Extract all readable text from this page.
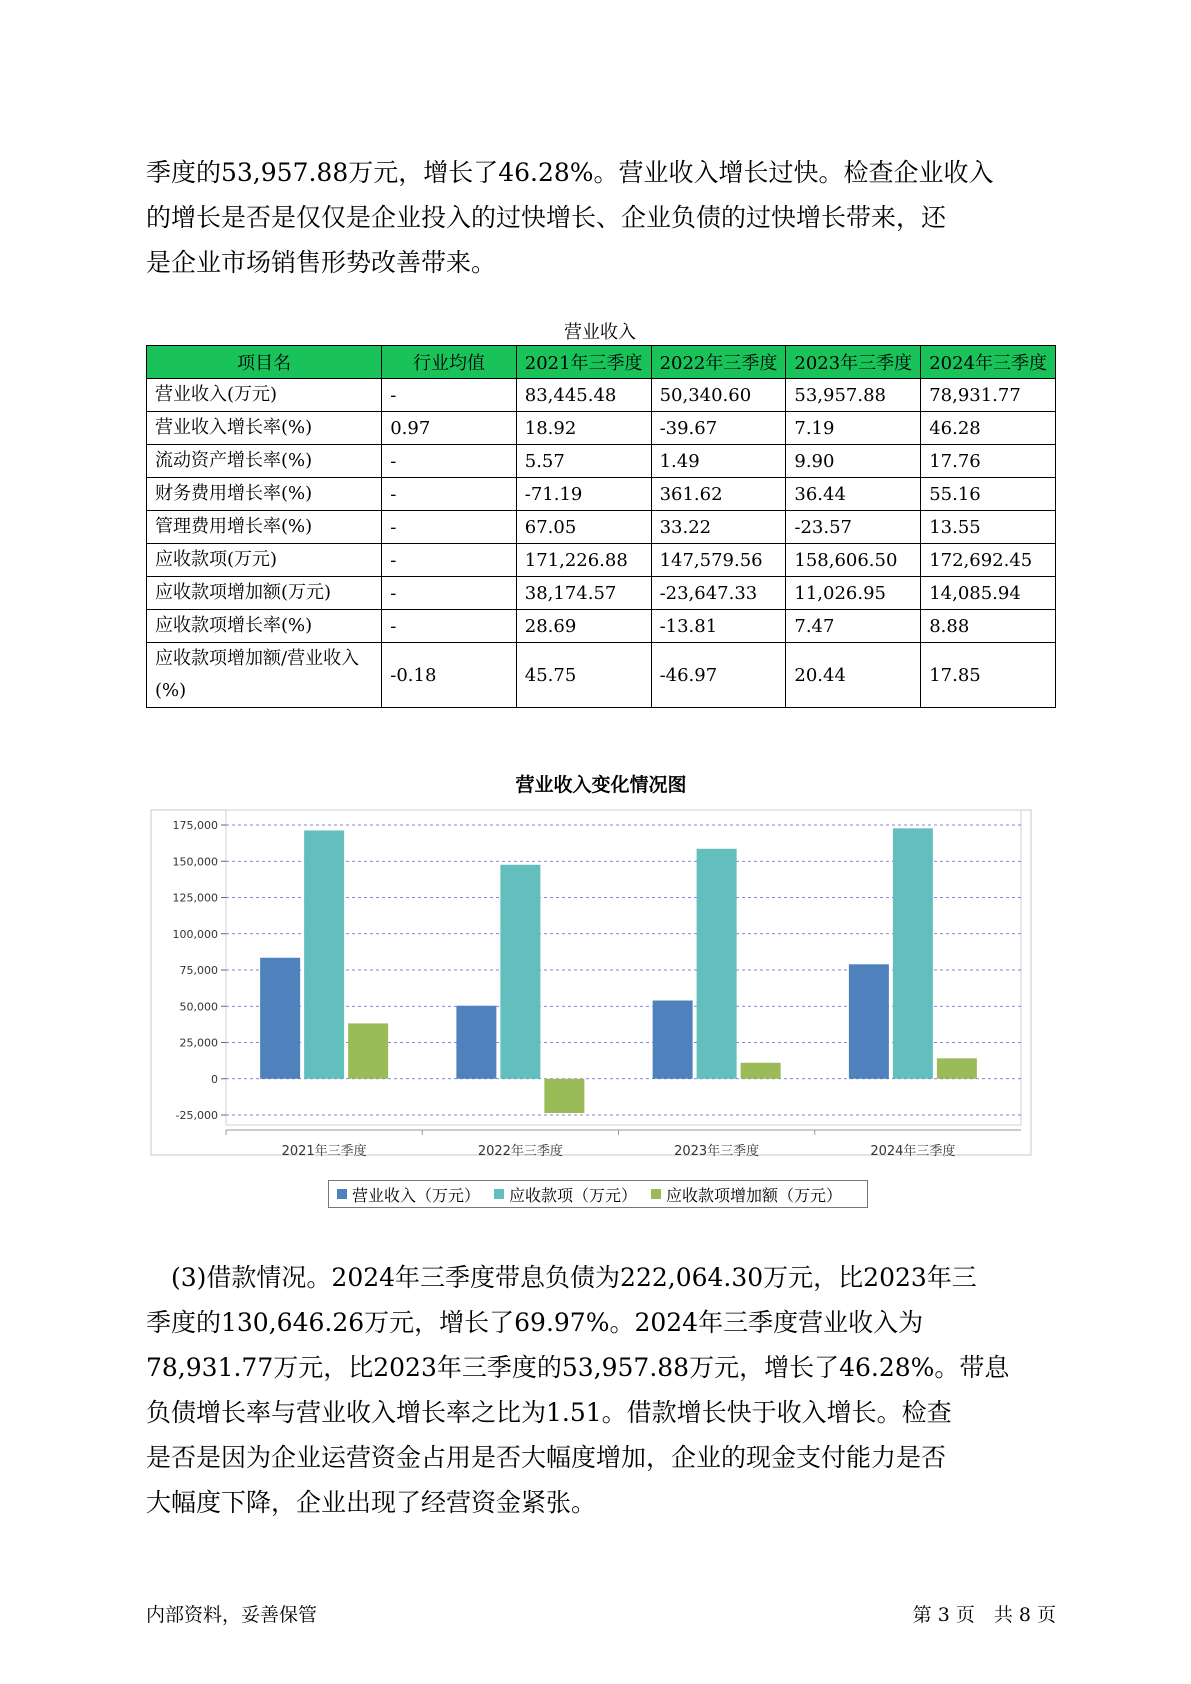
季度的53,957.88万元，增长了46.28%。营业收入增长过快。检查企业收入
的增长是否是仅仅是企业投入的过快增长、企业负债的过快增长带来，还
是企业市场销售形势改善带来。

营业收入
项目名	行业均值	2021年三季度	2022年三季度	2023年三季度	2024年三季度
营业收入(万元)	-	83,445.48	50,340.60	53,957.88	78,931.77
营业收入增长率(%)	0.97	18.92	-39.67	7.19	46.28
流动资产增长率(%)	-	5.57	1.49	9.90	17.76
财务费用增长率(%)	-	-71.19	361.62	36.44	55.16
管理费用增长率(%)	-	67.05	33.22	-23.57	13.55
应收款项(万元)	-	171,226.88	147,579.56	158,606.50	172,692.45
应收款项增加额(万元)	-	38,174.57	-23,647.33	11,026.95	14,085.94
应收款项增长率(%)	-	28.69	-13.81	7.47	8.88
应收款项增加额/营业收入(%)	-0.18	45.75	-46.97	20.44	17.85
营业收入变化情况图
175,000
150,000
125,000
100,000
75,000
50,000
25,000
0
-25,000
2021年三季度	2022年三季度	2023年三季度	2024年三季度
营业收入（万元） 应收款项（万元） 应收款项增加额（万元）

　(3)借款情况。2024年三季度带息负债为222,064.30万元，比2023年三
季度的130,646.26万元，增长了69.97%。2024年三季度营业收入为
78,931.77万元，比2023年三季度的53,957.88万元，增长了46.28%。带息
负债增长率与营业收入增长率之比为1.51。借款增长快于收入增长。检查
是否是因为企业运营资金占用是否大幅度增加，企业的现金支付能力是否
大幅度下降，企业出现了经营资金紧张。

内部资料，妥善保管	第 3 页　共 8 页
